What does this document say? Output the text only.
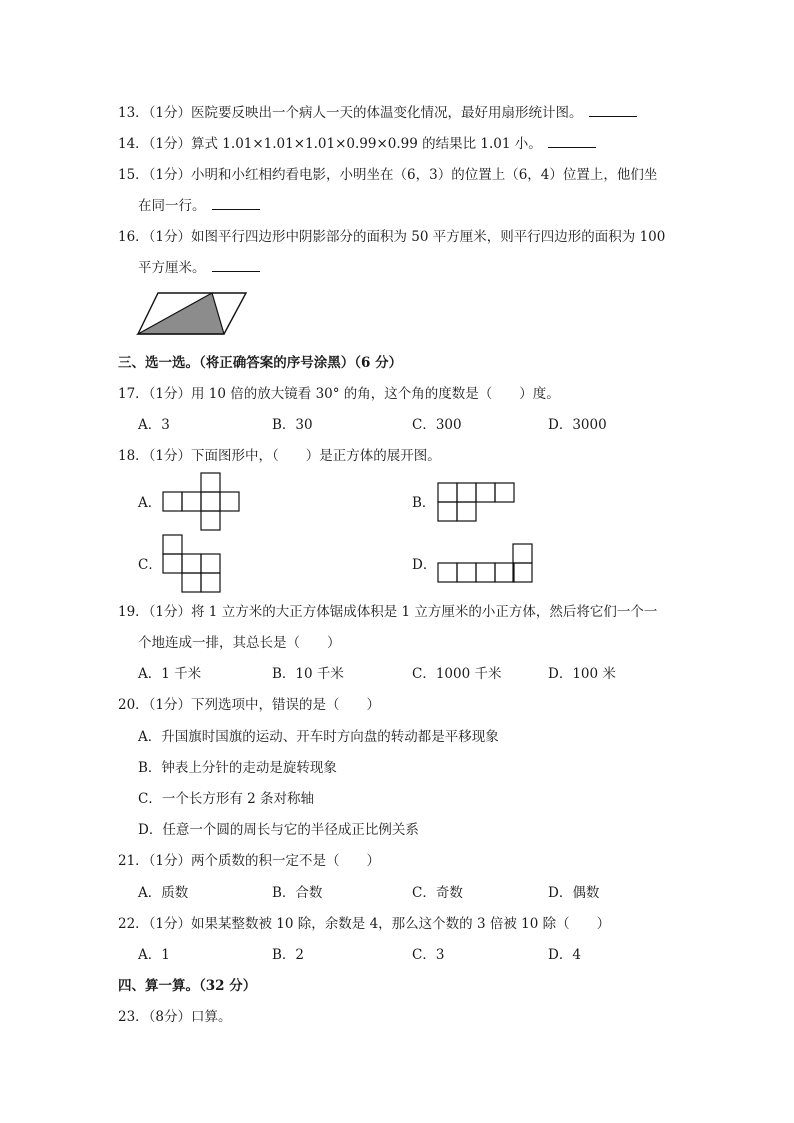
13．（1分）医院要反映出一个病人一天的体温变化情况，最好用扇形统计图。
14．（1分）算式 1.01×1.01×1.01×0.99×0.99 的结果比 1.01 小。
15．（1分）小明和小红相约看电影，小明坐在（6，3）的位置上（6，4）位置上，他们坐
在同一行。
16．（1分）如图平行四边形中阴影部分的面积为 50 平方厘米，则平行四边形的面积为 100
平方厘米。
三、选一选。（将正确答案的序号涂黑）（6 分）
17．（1分）用 10 倍的放大镜看 30° 的角，这个角的度数是（　　）度。
A．3	B．30	C．300	D．3000
18．（1分）下面图形中，（　　）是正方体的展开图。
A．	B．
C．	D．
19．（1分）将 1 立方米的大正方体锯成体积是 1 立方厘米的小正方体，然后将它们一个一
个地连成一排，其总长是（　　）
A．1 千米	B．10 千米	C．1000 千米	D．100 米
20．（1分）下列选项中，错误的是（　　）
A．升国旗时国旗的运动、开车时方向盘的转动都是平移现象
B．钟表上分针的走动是旋转现象
C．一个长方形有 2 条对称轴
D．任意一个圆的周长与它的半径成正比例关系
21．（1分）两个质数的积一定不是（　　）
A．质数	B．合数	C．奇数	D．偶数
22．（1分）如果某整数被 10 除，余数是 4，那么这个数的 3 倍被 10 除（　　）
A．1	B．2	C．3	D．4
四、算一算。（32 分）
23．（8分）口算。
